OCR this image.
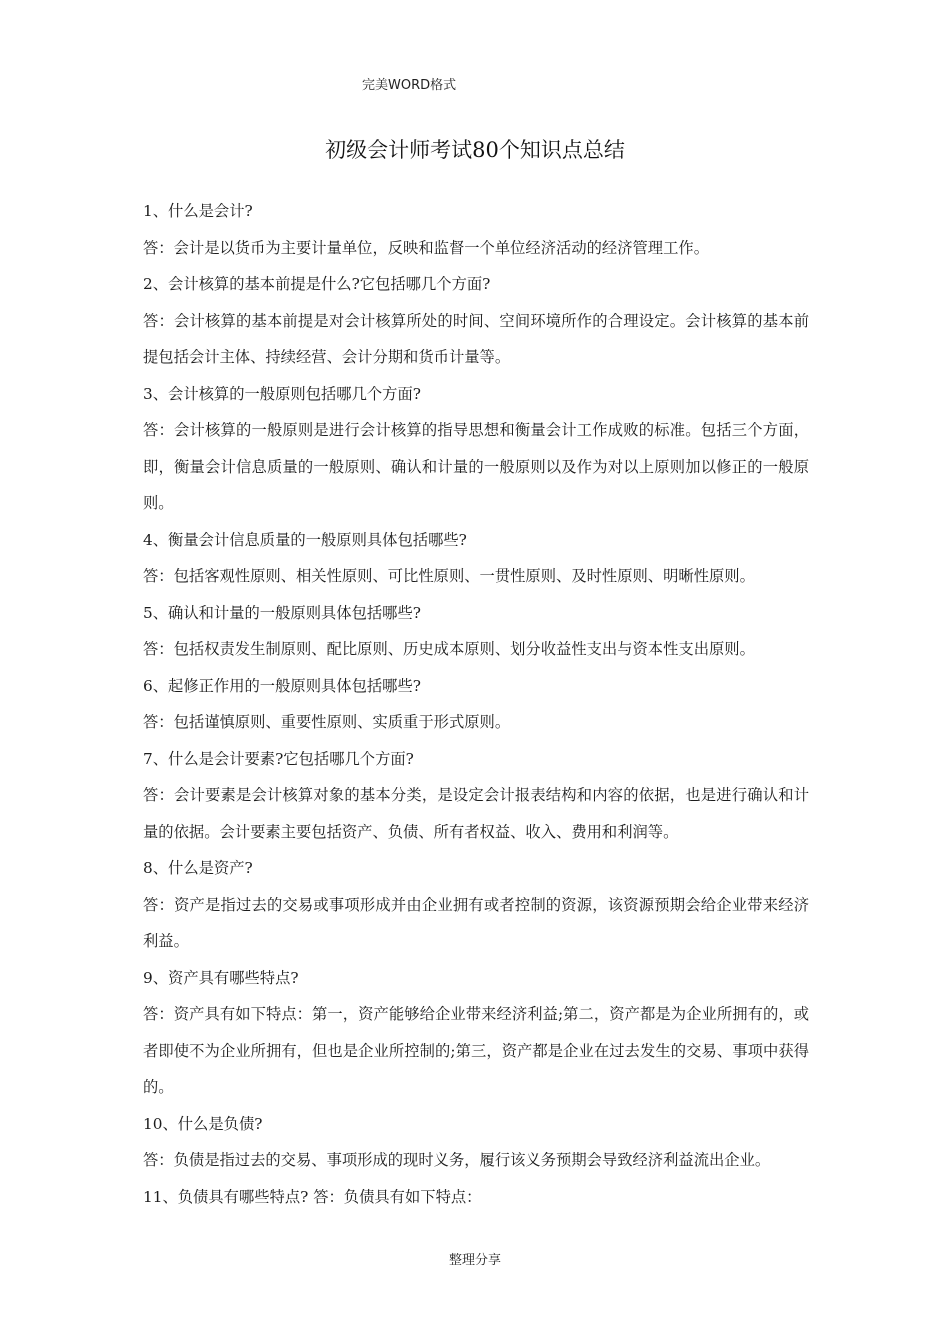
完美WORD格式
初级会计师考试80个知识点总结

1、什么是会计?

答：会计是以货币为主要计量单位，反映和监督一个单位经济活动的经济管理工作。

2、会计核算的基本前提是什么?它包括哪几个方面?

答：会计核算的基本前提是对会计核算所处的时间、空间环境所作的合理设定。会计核算的基本前提包括会计主体、持续经营、会计分期和货币计量等。

3、会计核算的一般原则包括哪几个方面?

答：会计核算的一般原则是进行会计核算的指导思想和衡量会计工作成败的标准。包括三个方面，即，衡量会计信息质量的一般原则、确认和计量的一般原则以及作为对以上原则加以修正的一般原则。

4、衡量会计信息质量的一般原则具体包括哪些?

答：包括客观性原则、相关性原则、可比性原则、一贯性原则、及时性原则、明晰性原则。

5、确认和计量的一般原则具体包括哪些?

答：包括权责发生制原则、配比原则、历史成本原则、划分收益性支出与资本性支出原则。

6、起修正作用的一般原则具体包括哪些?

答：包括谨慎原则、重要性原则、实质重于形式原则。

7、什么是会计要素?它包括哪几个方面?

答：会计要素是会计核算对象的基本分类，是设定会计报表结构和内容的依据，也是进行确认和计量的依据。会计要素主要包括资产、负债、所有者权益、收入、费用和利润等。

8、什么是资产?

答：资产是指过去的交易或事项形成并由企业拥有或者控制的资源，该资源预期会给企业带来经济利益。

9、资产具有哪些特点?

答：资产具有如下特点：第一，资产能够给企业带来经济利益;第二，资产都是为企业所拥有的，或者即使不为企业所拥有，但也是企业所控制的;第三，资产都是企业在过去发生的交易、事项中获得的。

10、什么是负债?

答：负债是指过去的交易、事项形成的现时义务，履行该义务预期会导致经济利益流出企业。

11、负债具有哪些特点? 答：负债具有如下特点：

整理分享
